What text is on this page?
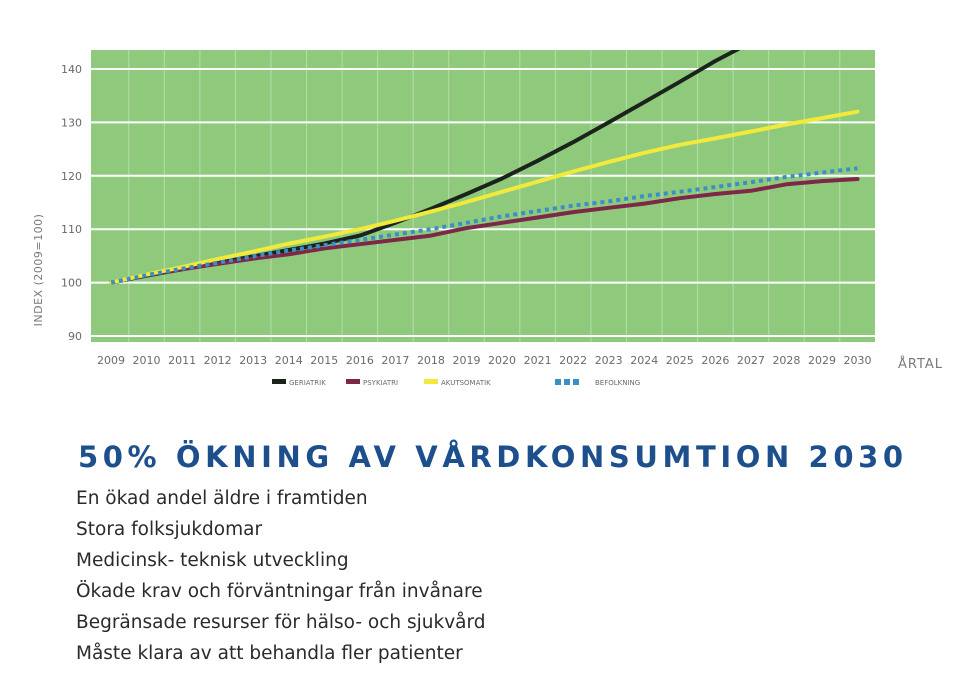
90
100
110
120
130
140
2009 2010 2011 2012 2013 2014 2015 2016 2017 2018 2019 2020 2021 2022 2023 2024 2025 2026 2027 2028 2029 2030
INDEX (2009=100)
ÅRTAL
GERIATRIK	PSYKIATRI	AKUTSOMATIK	BEFOLKNING
50% ÖKNING AV VÅRDKONSUMTION 2030
En ökad andel äldre i framtiden
Stora folksjukdomar
Medicinsk- teknisk utveckling
Ökade krav och förväntningar från invånare
Begränsade resurser för hälso- och sjukvård
Måste klara av att behandla fler patienter
